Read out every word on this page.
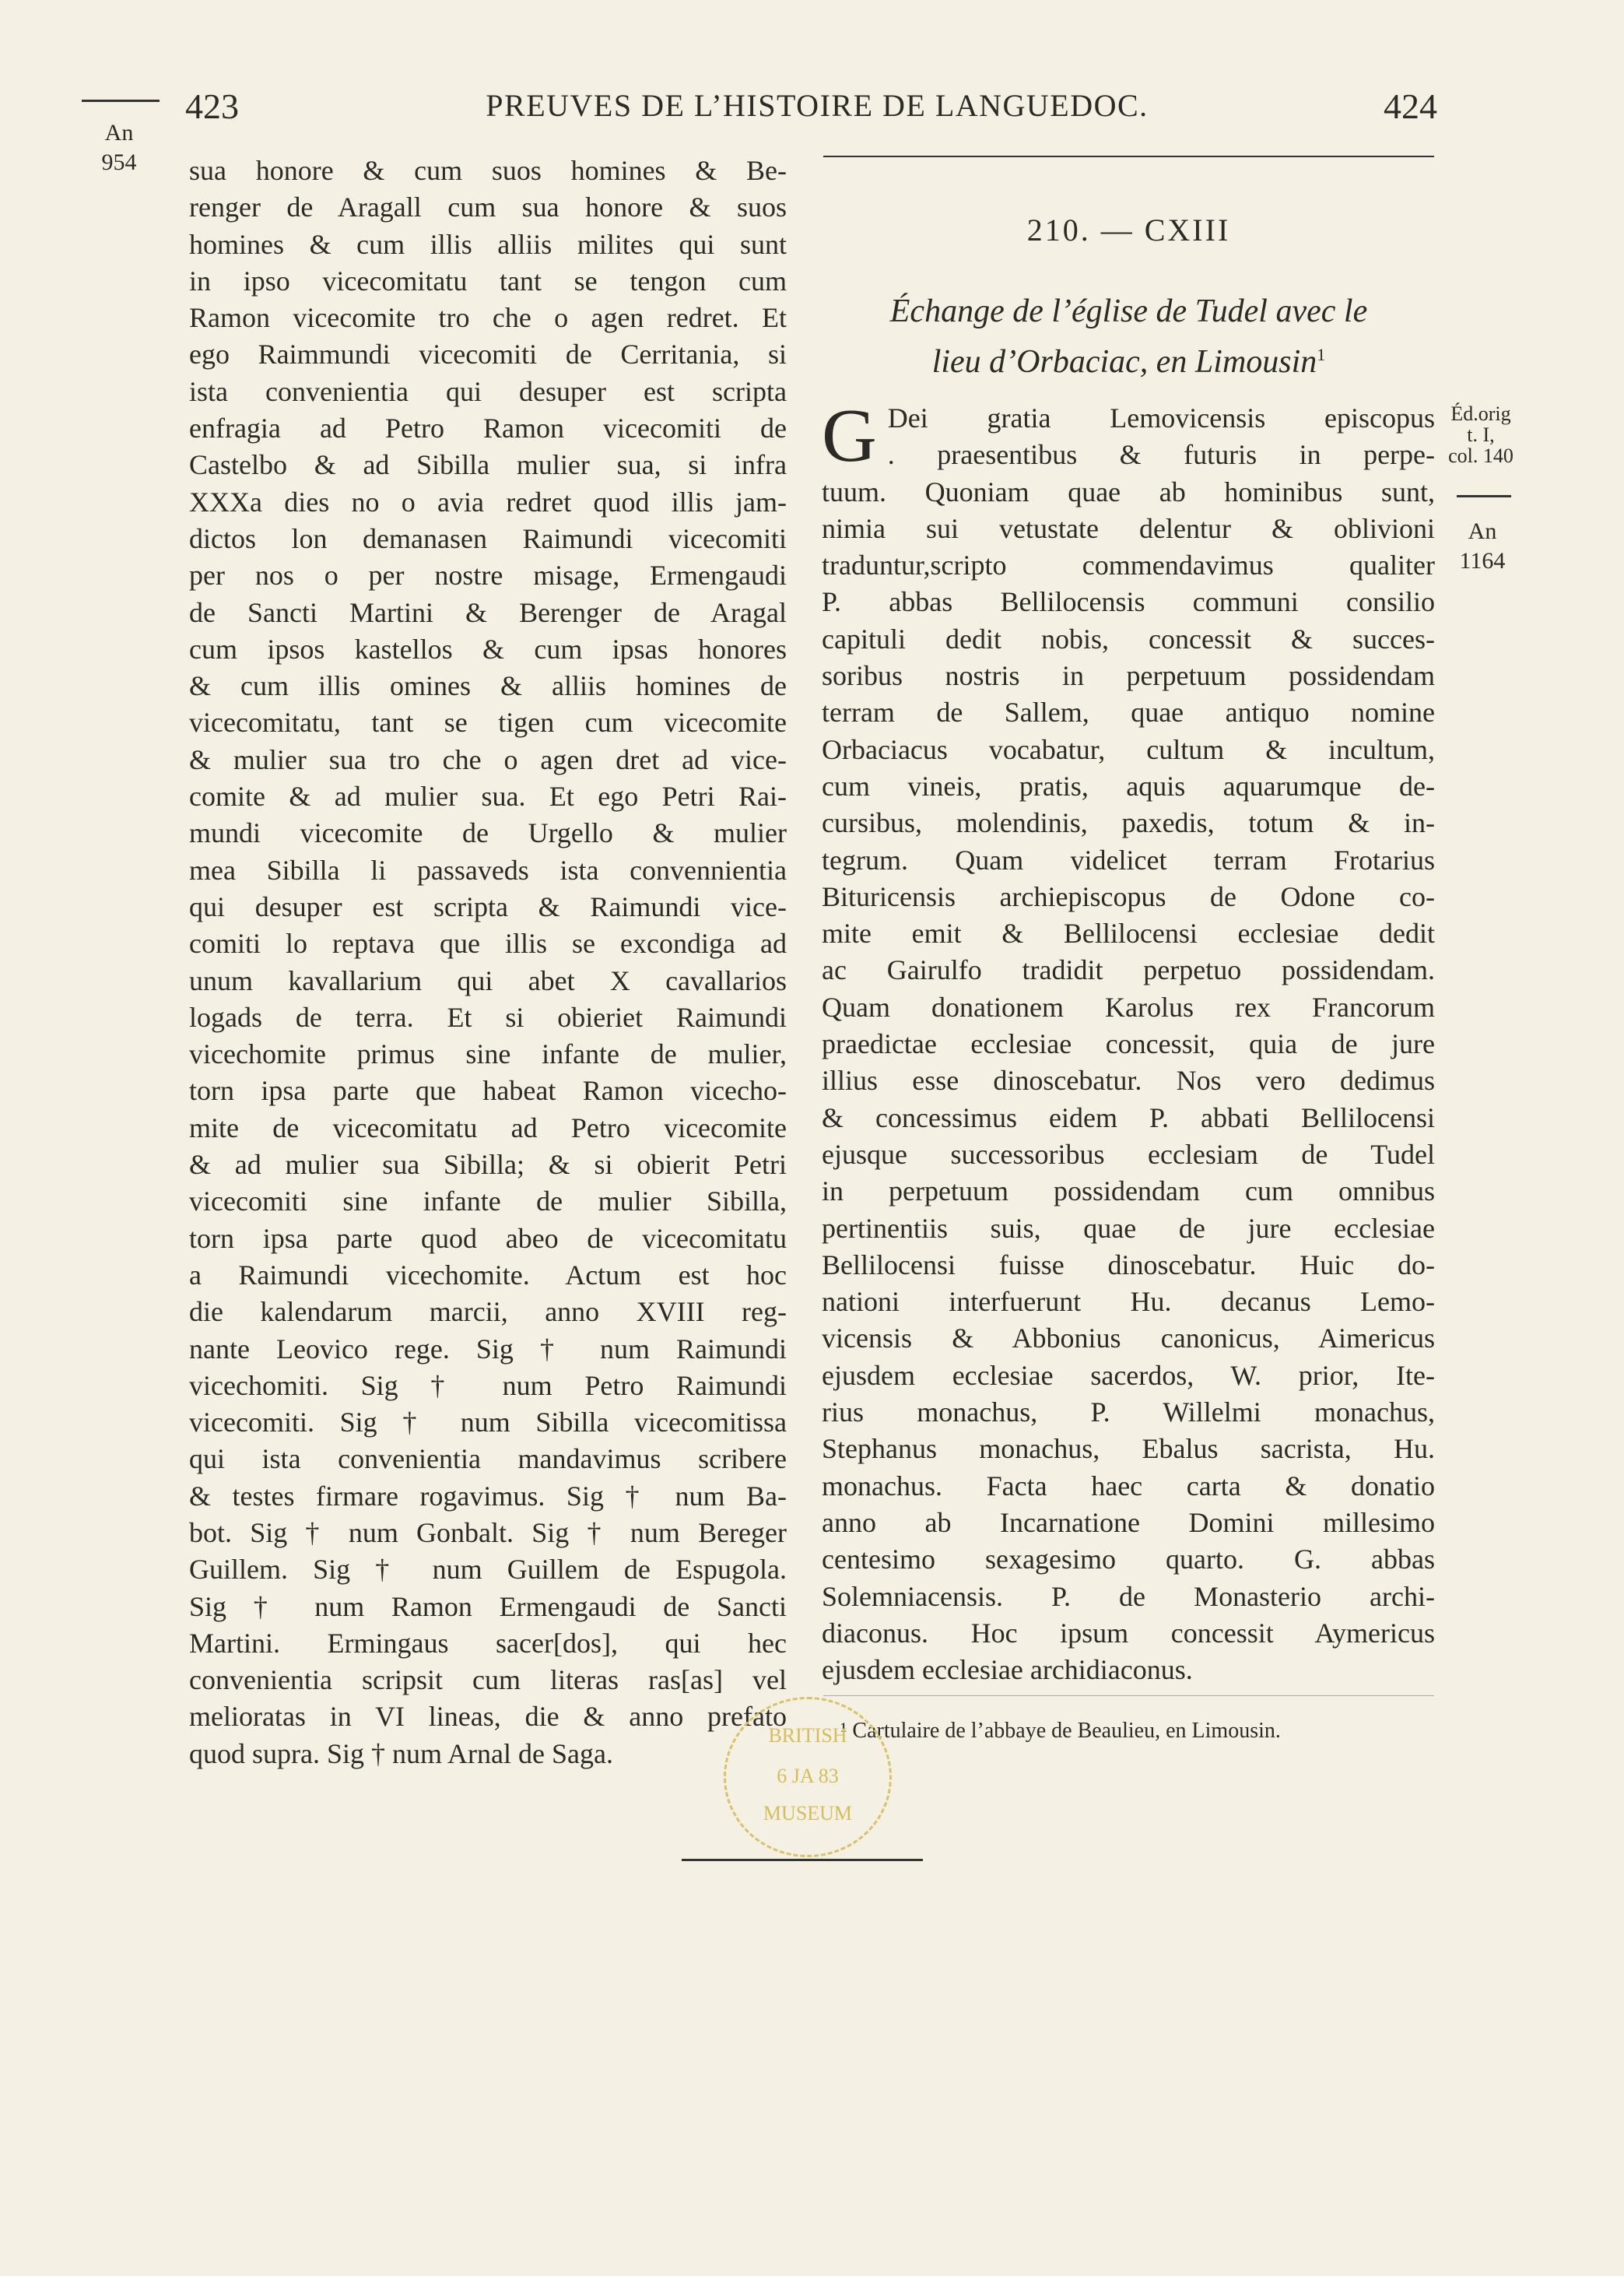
423	PREUVES DE L’HISTOIRE DE LANGUEDOC.	424
An
954	sua honore & cum suos homines & Be-
renger de Aragall cum sua honore & suos
homines & cum illis alliis milites qui sunt
in ipso vicecomitatu tant se tengon cum
Ramon vicecomite tro che o agen redret. Et
ego Raimmundi vicecomiti de Cerritania, si
ista convenientia qui desuper est scripta
enfragia ad Petro Ramon vicecomiti de
Castelbo & ad Sibilla mulier sua, si infra
XXXa dies no o avia redret quod illis jam-
dictos lon demanasen Raimundi vicecomiti
per nos o per nostre misage, Ermengaudi
de Sancti Martini & Berenger de Aragal
cum ipsos kastellos & cum ipsas honores
& cum illis omines & alliis homines de
vicecomitatu, tant se tigen cum vicecomite
& mulier sua tro che o agen dret ad vice-
comite & ad mulier sua. Et ego Petri Rai-
mundi vicecomite de Urgello & mulier
mea Sibilla li passaveds ista convennientia
qui desuper est scripta & Raimundi vice-
comiti lo reptava que illis se excondiga ad
unum kavallarium qui abet X cavallarios
logads de terra. Et si obieriet Raimundi
vicechomite primus sine infante de mulier,
torn ipsa parte que habeat Ramon vicecho-
mite de vicecomitatu ad Petro vicecomite
& ad mulier sua Sibilla; & si obierit Petri
vicecomiti sine infante de mulier Sibilla,
torn ipsa parte quod abeo de vicecomitatu
a Raimundi vicechomite. Actum est hoc
die kalendarum marcii, anno XVIII reg-
nante Leovico rege. Sig † num Raimundi
vicechomiti. Sig † num Petro Raimundi
vicecomiti. Sig † num Sibilla vicecomitissa
qui ista convenientia mandavimus scribere
& testes firmare rogavimus. Sig † num Ba-
bot. Sig † num Gonbalt. Sig † num Bereger
Guillem. Sig † num Guillem de Espugola.
Sig † num Ramon Ermengaudi de Sancti
Martini. Ermingaus sacer[dos], qui hec
convenientia scripsit cum literas ras[as] vel
melioratas in VI lineas, die & anno prefato
quod supra. Sig † num Arnal de Saga.
210. — CXIII
Échange de l’église de Tudel avec le
lieu d’Orbaciac, en Limousin$^1$
G Dei gratia Lemovicensis episcopus
. praesentibus & futuris in perpe-
tuum. Quoniam quae ab hominibus sunt,
nimia sui vetustate delentur & oblivioni
traduntur,scripto commendavimus qualiter
P. abbas Bellilocensis communi consilio
capituli dedit nobis, concessit & succes-
soribus nostris in perpetuum possidendam
terram de Sallem, quae antiquo nomine
Orbaciacus vocabatur, cultum & incultum,
cum vineis, pratis, aquis aquarumque de-
cursibus, molendinis, paxedis, totum & in-
tegrum. Quam videlicet terram Frotarius
Bituricensis archiepiscopus de Odone co-
mite emit & Bellilocensi ecclesiae dedit
ac Gairulfo tradidit perpetuo possidendam.
Quam donationem Karolus rex Francorum
praedictae ecclesiae concessit, quia de jure
illius esse dinoscebatur. Nos vero dedimus
& concessimus eidem P. abbati Bellilocensi
ejusque successoribus ecclesiam de Tudel
in perpetuum possidendam cum omnibus
pertinentiis suis, quae de jure ecclesiae
Bellilocensi fuisse dinoscebatur. Huic do-
nationi interfuerunt Hu. decanus Lemo-
vicensis & Abbonius canonicus, Aimericus
ejusdem ecclesiae sacerdos, W. prior, Ite-
rius monachus, P. Willelmi monachus,
Stephanus monachus, Ebalus sacrista, Hu.
monachus. Facta haec carta & donatio
anno ab Incarnatione Domini millesimo
centesimo sexagesimo quarto. G. abbas
Solemniacensis. P. de Monasterio archi-
diaconus. Hoc ipsum concessit Aymericus
ejusdem ecclesiae archidiaconus.
Éd.orig
t. I,
col. 140
An
1164
¹ Cartulaire de l’abbaye de Beaulieu, en Limousin.
BRITISH
6 JA 83
MUSEUM
